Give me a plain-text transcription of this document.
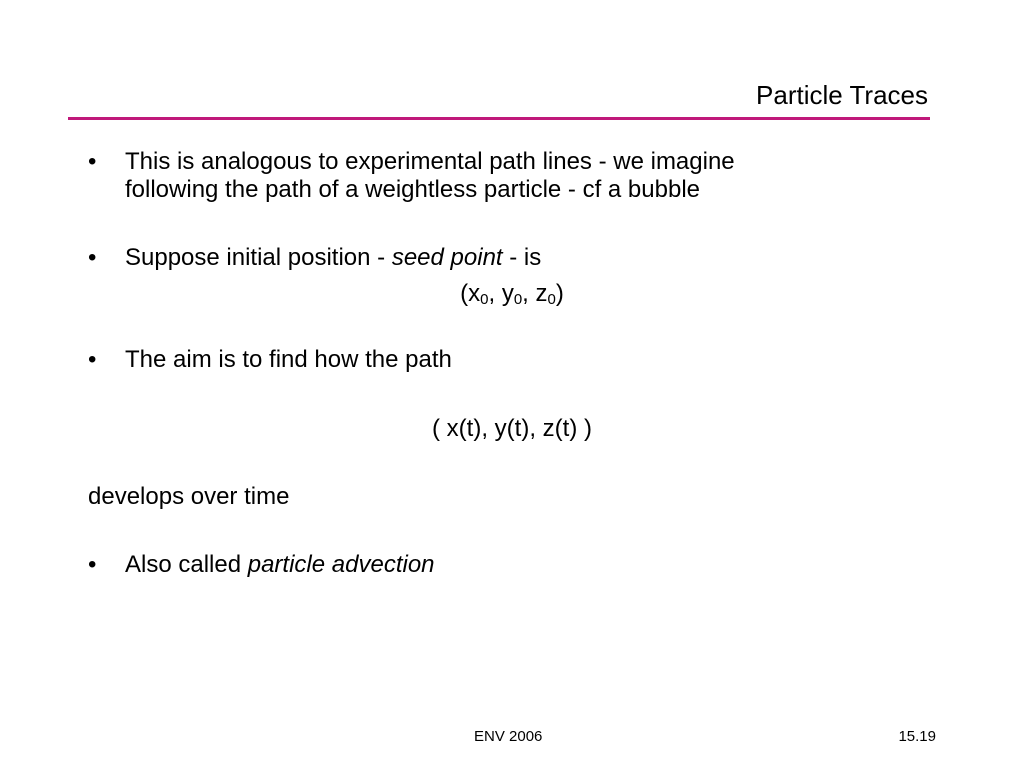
Particle Traces
• This is analogous to experimental path lines - we imagine
following the path of a weightless particle - cf a bubble
• Suppose initial position - seed point - is
($x_0$, $y_0$, $z_0$)
• The aim is to find how the path
( x(t), y(t), z(t) )
develops over time
• Also called particle advection
ENV 2006	15.19
